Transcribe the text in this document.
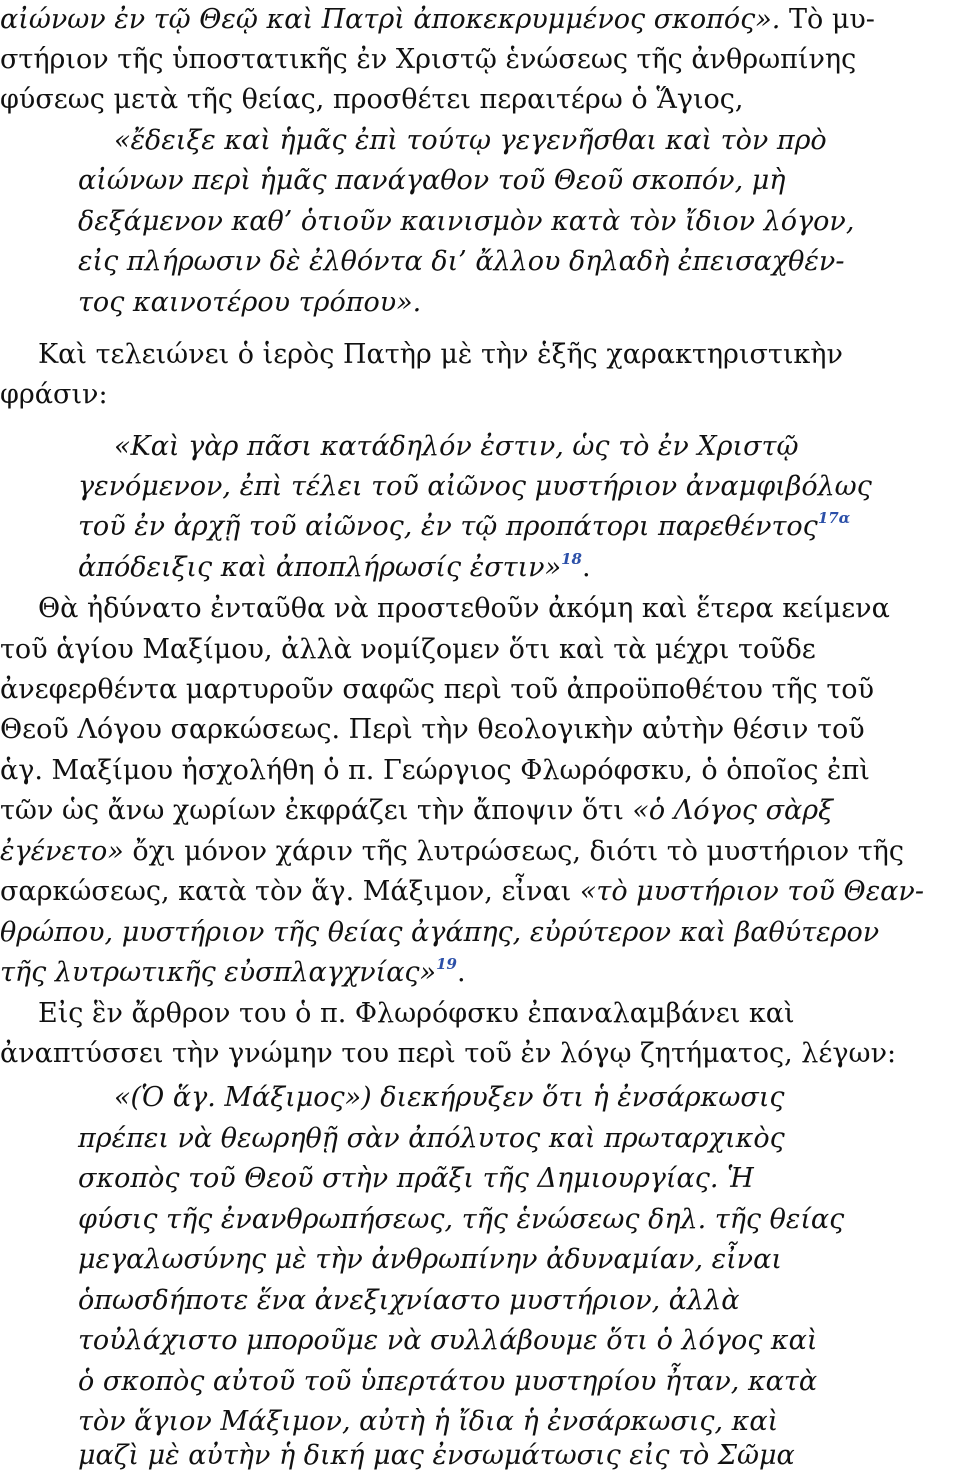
αἰώνων ἐν τῷ Θεῷ καὶ Πατρὶ ἀποκεκρυμμένος σκοπός». Τὸ μυ-
στήριον τῆς ὑποστατικῆς ἐν Χριστῷ ἑνώσεως τῆς ἀνθρωπίνης
φύσεως μετὰ τῆς θείας, προσθέτει περαιτέρω ὁ Ἅγιος,
«ἔδειξε καὶ ἡμᾶς ἐπὶ τούτῳ γεγενῆσθαι καὶ τὸν πρὸ
αἰώνων περὶ ἡμᾶς πανάγαθον τοῦ Θεοῦ σκοπόν, μὴ
δεξάμενον καθ’ ὁτιοῦν καινισμὸν κατὰ τὸν ἴδιον λόγον,
εἰς πλήρωσιν δὲ ἐλθόντα δι’ ἄλλου δηλαδὴ ἐπεισαχθέν-
τος καινοτέρου τρόπου».
Καὶ τελειώνει ὁ ἱερὸς Πατὴρ μὲ τὴν ἑξῆς χαρακτηριστικὴν
φράσιν:
«Καὶ γὰρ πᾶσι κατάδηλόν ἐστιν, ὡς τὸ ἐν Χριστῷ
γενόμενον, ἐπὶ τέλει τοῦ αἰῶνος μυστήριον ἀναμφιβόλως
τοῦ ἐν ἀρχῇ τοῦ αἰῶνος, ἐν τῷ προπάτορι παρεθέντος$^{17\alpha}$
ἀπόδειξις καὶ ἀποπλήρωσίς ἐστιν»$^{18}$.
Θὰ ἠδύνατο ἐνταῦθα νὰ προστεθοῦν ἀκόμη καὶ ἕτερα κείμενα
τοῦ ἁγίου Μαξίμου, ἀλλὰ νομίζομεν ὅτι καὶ τὰ μέχρι τοῦδε
ἀνεφερθέντα μαρτυροῦν σαφῶς περὶ τοῦ ἀπροϋποθέτου τῆς τοῦ
Θεοῦ Λόγου σαρκώσεως. Περὶ τὴν θεολογικὴν αὐτὴν θέσιν τοῦ
ἁγ. Μαξίμου ἠσχολήθη ὁ π. Γεώργιος Φλωρόφσκυ, ὁ ὁποῖος ἐπὶ
τῶν ὡς ἄνω χωρίων ἐκφράζει τὴν ἄποψιν ὅτι «ὁ Λόγος σὰρξ
ἐγένετο» ὄχι μόνον χάριν τῆς λυτρώσεως, διότι τὸ μυστήριον τῆς
σαρκώσεως, κατὰ τὸν ἅγ. Μάξιμον, εἶναι «τὸ μυστήριον τοῦ Θεαν-
θρώπου, μυστήριον τῆς θείας ἀγάπης, εὐρύτερον καὶ βαθύτερον
τῆς λυτρωτικῆς εὐσπλαγχνίας»$^{19}$.
Εἰς ἓν ἄρθρον του ὁ π. Φλωρόφσκυ ἐπαναλαμβάνει καὶ
ἀναπτύσσει τὴν γνώμην του περὶ τοῦ ἐν λόγῳ ζητήματος, λέγων:
«(Ὁ ἅγ. Μάξιμος») διεκήρυξεν ὅτι ἡ ἐνσάρκωσις
πρέπει νὰ θεωρηθῇ σὰν ἀπόλυτος καὶ πρωταρχικὸς
σκοπὸς τοῦ Θεοῦ στὴν πρᾶξι τῆς Δημιουργίας. Ἡ
φύσις τῆς ἐνανθρωπήσεως, τῆς ἑνώσεως δηλ. τῆς θείας
μεγαλωσύνης μὲ τὴν ἀνθρωπίνην ἀδυναμίαν, εἶναι
ὁπωσδήποτε ἕνα ἀνεξιχνίαστο μυστήριον, ἀλλὰ
τοὐλάχιστο μποροῦμε νὰ συλλάβουμε ὅτι ὁ λόγος καὶ
ὁ σκοπὸς αὐτοῦ τοῦ ὑπερτάτου μυστηρίου ἦταν, κατὰ
τὸν ἅγιον Μάξιμον, αὐτὴ ἡ ἴδια ἡ ἐνσάρκωσις, καὶ
μαζὶ μὲ αὐτὴν ἡ δική μας ἐνσωμάτωσις εἰς τὸ Σῶμα
